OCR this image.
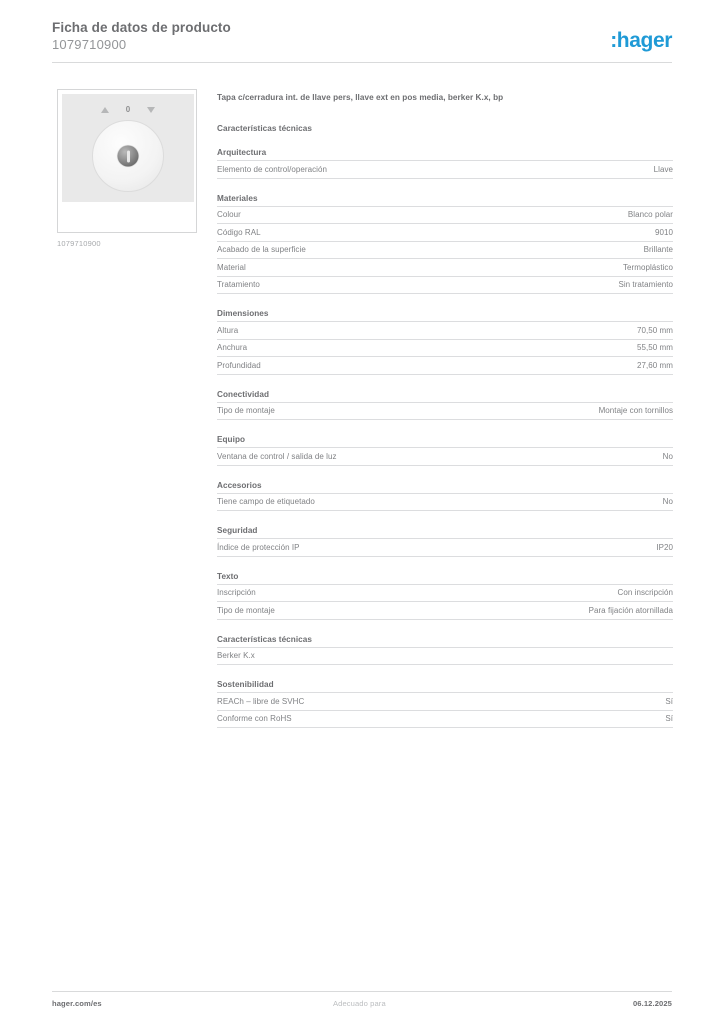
Ficha de datos de producto
1079710900	:hager
0
1079710900
Tapa c/cerradura int. de llave pers, llave ext en pos media, berker K.x, bp
Características técnicas
Arquitectura
Elemento de control/operación	Llave
Materiales
Colour	Blanco polar
Código RAL	9010
Acabado de la superficie	Brillante
Material	Termoplástico
Tratamiento	Sin tratamiento
Dimensiones
Altura	70,50 mm
Anchura	55,50 mm
Profundidad	27,60 mm
Conectividad
Tipo de montaje	Montaje con tornillos
Equipo
Ventana de control / salida de luz	No
Accesorios
Tiene campo de etiquetado	No
Seguridad
Índice de protección IP	IP20
Texto
Inscripción	Con inscripción
Tipo de montaje	Para fijación atornillada
Características técnicas
Berker K.x
Sostenibilidad
REACh – libre de SVHC	Sí
Conforme con RoHS	Sí
hager.com/es	Adecuado para	06.12.2025
